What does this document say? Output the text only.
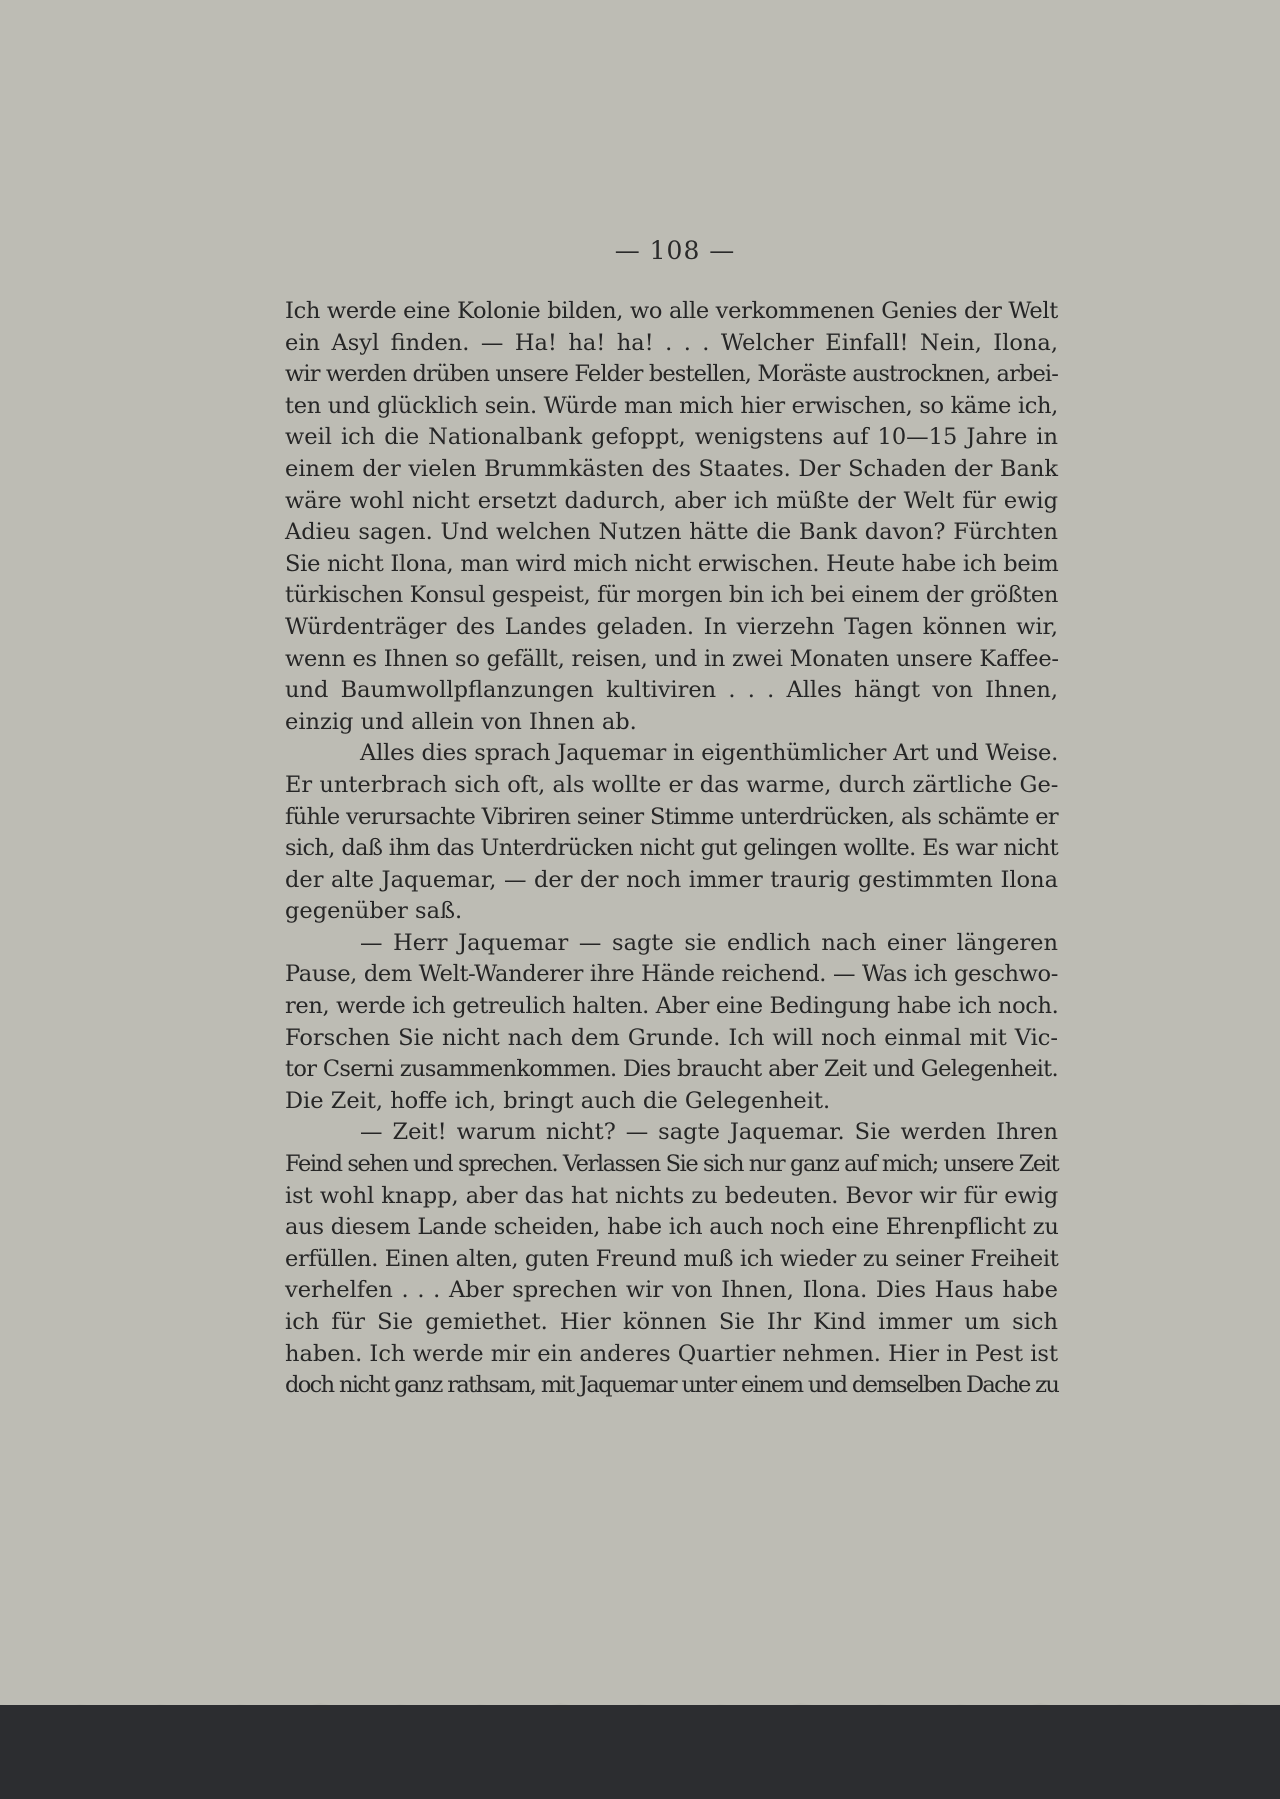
— 108 —
Ich werde eine Kolonie bilden, wo alle verkommenen Genies der Welt
ein Asyl finden. — Ha! ha! ha! . . . Welcher Einfall! Nein, Ilona,
wir werden drüben unsere Felder bestellen, Moräste austrocknen, arbei-
ten und glücklich sein. Würde man mich hier erwischen, so käme ich,
weil ich die Nationalbank gefoppt, wenigstens auf 10—15 Jahre in
einem der vielen Brummkästen des Staates. Der Schaden der Bank
wäre wohl nicht ersetzt dadurch, aber ich müßte der Welt für ewig
Adieu sagen. Und welchen Nutzen hätte die Bank davon? Fürchten
Sie nicht Ilona, man wird mich nicht erwischen. Heute habe ich beim
türkischen Konsul gespeist, für morgen bin ich bei einem der größten
Würdenträger des Landes geladen. In vierzehn Tagen können wir,
wenn es Ihnen so gefällt, reisen, und in zwei Monaten unsere Kaffee-
und Baumwollpflanzungen kultiviren . . . Alles hängt von Ihnen,
einzig und allein von Ihnen ab.
Alles dies sprach Jaquemar in eigenthümlicher Art und Weise.
Er unterbrach sich oft, als wollte er das warme, durch zärtliche Ge-
fühle verursachte Vibriren seiner Stimme unterdrücken, als schämte er
sich, daß ihm das Unterdrücken nicht gut gelingen wollte. Es war nicht
der alte Jaquemar, — der der noch immer traurig gestimmten Ilona
gegenüber saß.
— Herr Jaquemar — sagte sie endlich nach einer längeren
Pause, dem Welt-Wanderer ihre Hände reichend. — Was ich geschwo-
ren, werde ich getreulich halten. Aber eine Bedingung habe ich noch.
Forschen Sie nicht nach dem Grunde. Ich will noch einmal mit Vic-
tor Cserni zusammenkommen. Dies braucht aber Zeit und Gelegenheit.
Die Zeit, hoffe ich, bringt auch die Gelegenheit.
— Zeit! warum nicht? — sagte Jaquemar. Sie werden Ihren
Feind sehen und sprechen. Verlassen Sie sich nur ganz auf mich; unsere Zeit
ist wohl knapp, aber das hat nichts zu bedeuten. Bevor wir für ewig
aus diesem Lande scheiden, habe ich auch noch eine Ehrenpflicht zu
erfüllen. Einen alten, guten Freund muß ich wieder zu seiner Freiheit
verhelfen . . . Aber sprechen wir von Ihnen, Ilona. Dies Haus habe
ich für Sie gemiethet. Hier können Sie Ihr Kind immer um sich
haben. Ich werde mir ein anderes Quartier nehmen. Hier in Pest ist
doch nicht ganz rathsam, mit Jaquemar unter einem und demselben Dache zu
